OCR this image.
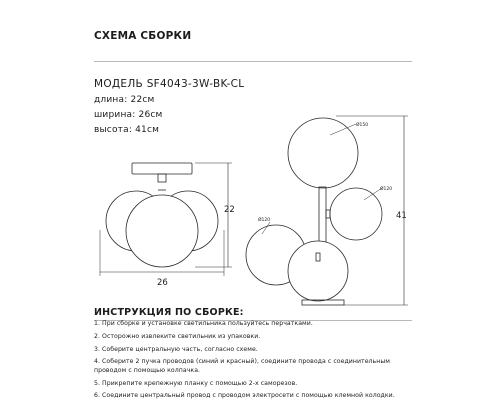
СХЕМА СБОРКИ
МОДЕЛЬ SF4043-3W-BK-CL
длина: 22см
ширина: 26см
высота: 41см
22
26
41
Ø150
Ø120
Ø120
ИНСТРУКЦИЯ ПО СБОРКЕ:
1. При сборке и установке светильника пользуйтесь перчатками.
2. Осторожно извлеките светильник из упаковки.
3. Соберите центральную часть, согласно схеме.
4. Соберите 2 пучка проводов (синий и красный), соедините провода с соединительным
проводом с помощью колпачка.
5. Прикрепите крепежную планку с помощью 2-х саморезов.
6. Соедините центральный провод с проводом электросети с помощью клемной колодки.
